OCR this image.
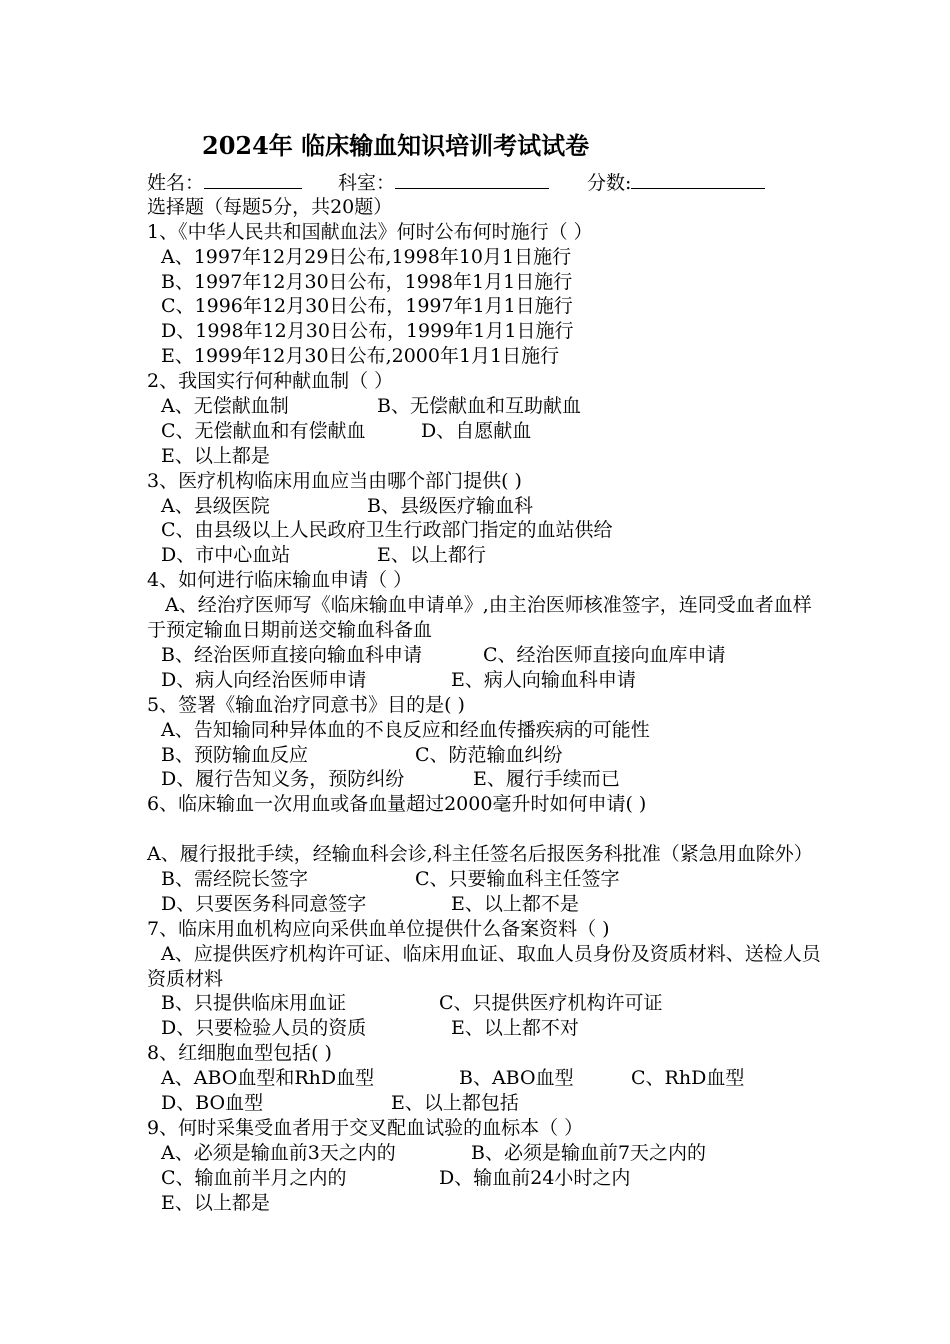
2024年 临床输血知识培训考试试卷
姓名：	科室：	分数:
选择题（每题5分，共20题）
1、《中华人民共和国献血法》何时公布何时施行（ ）
A、1997年12月29日公布,1998年10月1日施行
B、1997年12月30日公布，1998年1月1日施行
C、1996年12月30日公布，1997年1月1日施行
D、1998年12月30日公布，1999年1月1日施行
E、1999年12月30日公布,2000年1月1日施行
2、我国实行何种献血制（ ）
A、无偿献血制	B、无偿献血和互助献血
C、无偿献血和有偿献血	D、自愿献血
E、以上都是
3、医疗机构临床用血应当由哪个部门提供( )
A、县级医院	B、县级医疗输血科
C、由县级以上人民政府卫生行政部门指定的血站供给
D、市中心血站	E、以上都行
4、如何进行临床输血申请（ ）
A、经治疗医师写《临床输血申请单》,由主治医师核准签字，连同受血者血样于预定输血日期前送交输血科备血
B、经治医师直接向输血科申请	C、经治医师直接向血库申请
D、病人向经治医师申请	E、病人向输血科申请
5、签署《输血治疗同意书》目的是( )
A、告知输同种异体血的不良反应和经血传播疾病的可能性
B、预防输血反应	C、防范输血纠纷
D、履行告知义务，预防纠纷	E、履行手续而已
6、临床输血一次用血或备血量超过2000毫升时如何申请( )
A、履行报批手续，经输血科会诊,科主任签名后报医务科批准（紧急用血除外）
B、需经院长签字	C、只要输血科主任签字
D、只要医务科同意签字	E、以上都不是
7、临床用血机构应向采供血单位提供什么备案资料（ )
A、应提供医疗机构许可证、临床用血证、取血人员身份及资质材料、送检人员资质材料
B、只提供临床用血证	C、只提供医疗机构许可证
D、只要检验人员的资质	E、以上都不对
8、红细胞血型包括( )
A、ABO血型和RhD血型	B、ABO血型	C、RhD血型
D、BO血型	E、以上都包括
9、何时采集受血者用于交叉配血试验的血标本（ ）
A、必须是输血前3天之内的	B、必须是输血前7天之内的
C、输血前半月之内的	D、输血前24小时之内
E、以上都是
